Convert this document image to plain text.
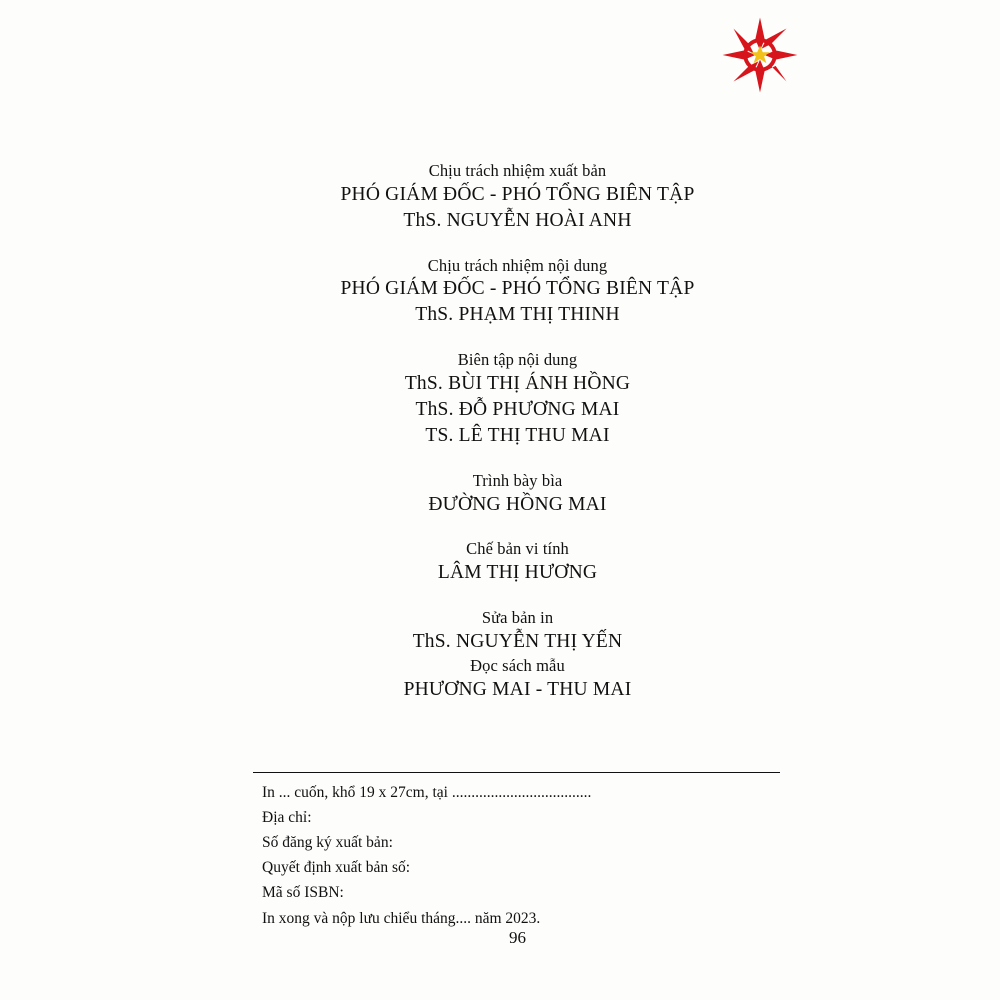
Chịu trách nhiệm xuất bản
PHÓ GIÁM ĐỐC - PHÓ TỔNG BIÊN TẬP
ThS. NGUYỄN HOÀI ANH
Chịu trách nhiệm nội dung
PHÓ GIÁM ĐỐC - PHÓ TỔNG BIÊN TẬP
ThS. PHẠM THỊ THINH
Biên tập nội dung
ThS. BÙI THỊ ÁNH HỒNG
ThS. ĐỖ PHƯƠNG MAI
TS. LÊ THỊ THU MAI
Trình bày bìa
ĐƯỜNG HỒNG MAI
Chế bản vi tính
LÂM THỊ HƯƠNG
Sửa bản in
ThS. NGUYỄN THỊ YẾN
Đọc sách mẫu
PHƯƠNG MAI - THU MAI
In ... cuốn, khổ 19 x 27cm, tại ....................................
Địa chỉ:
Số đăng ký xuất bản:
Quyết định xuất bản số:
Mã số ISBN:
In xong và nộp lưu chiểu tháng.... năm 2023.
96
